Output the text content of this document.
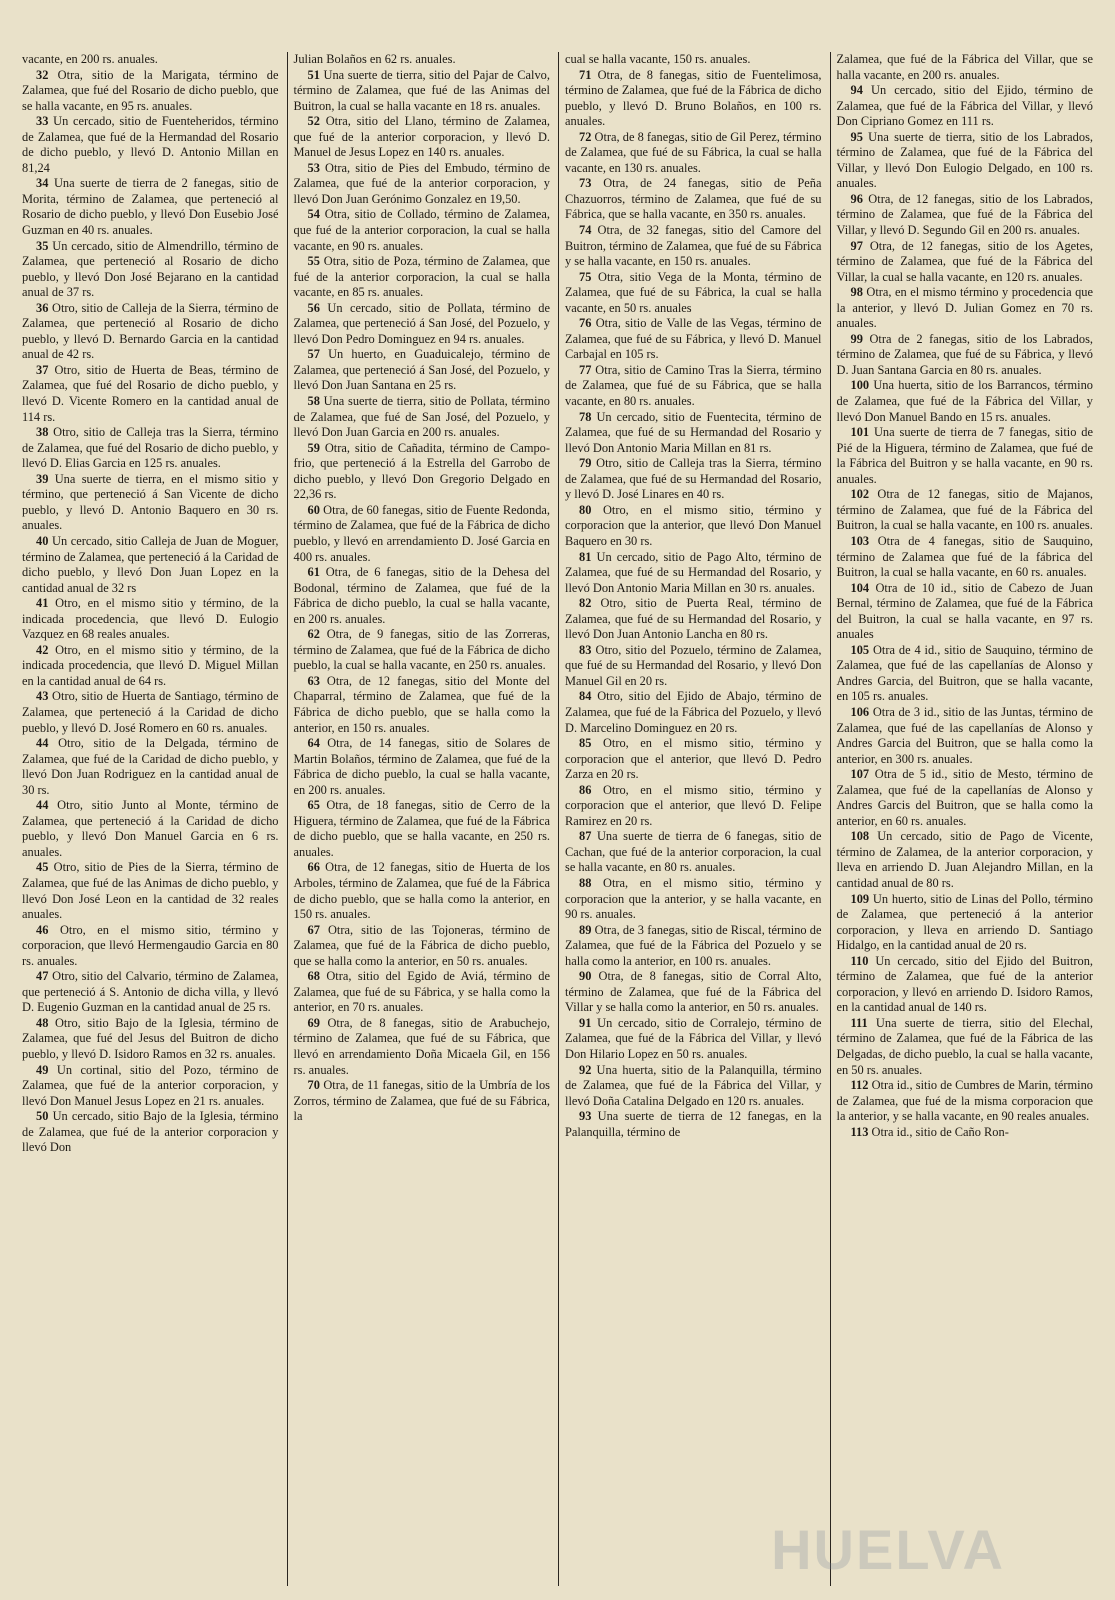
vacante, en 200 rs. anuales.

32 Otra, sitio de la Marigata, término de Zalamea, que fué del Rosario de dicho pueblo, que se halla vacante, en 95 rs. anuales.

33 Un cercado, sitio de Fuenteheridos, término de Zalamea, que fué de la Hermandad del Rosario de dicho pueblo, y llevó D. Antonio Millan en 81,24

34 Una suerte de tierra de 2 fanegas, sitio de Morita, término de Zalamea, que perteneció al Rosario de dicho pueblo, y llevó Don Eusebio José Guzman en 40 rs. anuales.

35 Un cercado, sitio de Almendrillo, término de Zalamea, que perteneció al Rosario de dicho pueblo, y llevó Don José Bejarano en la cantidad anual de 37 rs.

36 Otro, sitio de Calleja de la Sierra, término de Zalamea, que perteneció al Rosario de dicho pueblo, y llevó D. Bernardo Garcia en la cantidad anual de 42 rs.

37 Otro, sitio de Huerta de Beas, término de Zalamea, que fué del Rosario de dicho pueblo, y llevó D. Vicente Romero en la cantidad anual de 114 rs.

38 Otro, sitio de Calleja tras la Sierra, término de Zalamea, que fué del Rosario de dicho pueblo, y llevó D. Elias Garcia en 125 rs. anuales.

39 Una suerte de tierra, en el mismo sitio y término, que perteneció á San Vicente de dicho pueblo, y llevó D. Antonio Baquero en 30 rs. anuales.

40 Un cercado, sitio Calleja de Juan de Moguer, término de Zalamea, que perteneció á la Caridad de dicho pueblo, y llevó Don Juan Lopez en la cantidad anual de 32 rs

41 Otro, en el mismo sitio y término, de la indicada procedencia, que llevó D. Eulogio Vazquez en 68 reales anuales.

42 Otro, en el mismo sitio y término, de la indicada procedencia, que llevó D. Miguel Millan en la cantidad anual de 64 rs.

43 Otro, sitio de Huerta de Santiago, término de Zalamea, que perteneció á la Caridad de dicho pueblo, y llevó D. José Romero en 60 rs. anuales.

44 Otro, sitio de la Delgada, término de Zalamea, que fué de la Caridad de dicho pueblo, y llevó Don Juan Rodriguez en la cantidad anual de 30 rs.

44 Otro, sitio Junto al Monte, término de Zalamea, que perteneció á la Caridad de dicho pueblo, y llevó Don Manuel Garcia en 6 rs. anuales.

45 Otro, sitio de Pies de la Sierra, término de Zalamea, que fué de las Animas de dicho pueblo, y llevó Don José Leon en la cantidad de 32 reales anuales.

46 Otro, en el mismo sitio, término y corporacion, que llevó Hermengaudio Garcia en 80 rs. anuales.

47 Otro, sitio del Calvario, término de Zalamea, que perteneció á S. Antonio de dicha villa, y llevó D. Eugenio Guzman en la cantidad anual de 25 rs.

48 Otro, sitio Bajo de la Iglesia, término de Zalamea, que fué del Jesus del Buitron de dicho pueblo, y llevó D. Isidoro Ramos en 32 rs. anuales.

49 Un cortinal, sitio del Pozo, término de Zalamea, que fué de la anterior corporacion, y llevó Don Manuel Jesus Lopez en 21 rs. anuales.

50 Un cercado, sitio Bajo de la Iglesia, término de Zalamea, que fué de la anterior corporacion y llevó Don

Julian Bolaños en 62 rs. anuales.

51 Una suerte de tierra, sitio del Pajar de Calvo, término de Zalamea, que fué de las Animas del Buitron, la cual se halla vacante en 18 rs. anuales.

52 Otra, sitio del Llano, término de Zalamea, que fué de la anterior corporacion, y llevó D. Manuel de Jesus Lopez en 140 rs. anuales.

53 Otra, sitio de Pies del Embudo, término de Zalamea, que fué de la anterior corporacion, y llevó Don Juan Gerónimo Gonzalez en 19,50.

54 Otra, sitio de Collado, término de Zalamea, que fué de la anterior corporacion, la cual se halla vacante, en 90 rs. anuales.

55 Otra, sitio de Poza, término de Zalamea, que fué de la anterior corporacion, la cual se halla vacante, en 85 rs. anuales.

56 Un cercado, sitio de Pollata, término de Zalamea, que perteneció á San José, del Pozuelo, y llevó Don Pedro Dominguez en 94 rs. anuales.

57 Un huerto, en Guaduicalejo, término de Zalamea, que perteneció á San José, del Pozuelo, y llevó Don Juan Santana en 25 rs.

58 Una suerte de tierra, sitio de Pollata, término de Zalamea, que fué de San José, del Pozuelo, y llevó Don Juan Garcia en 200 rs. anuales.

59 Otra, sitio de Cañadita, término de Campo-frio, que perteneció á la Estrella del Garrobo de dicho pueblo, y llevó Don Gregorio Delgado en 22,36 rs.

60 Otra, de 60 fanegas, sitio de Fuente Redonda, término de Zalamea, que fué de la Fábrica de dicho pueblo, y llevó en arrendamiento D. José Garcia en 400 rs. anuales.

61 Otra, de 6 fanegas, sitio de la Dehesa del Bodonal, término de Zalamea, que fué de la Fábrica de dicho pueblo, la cual se halla vacante, en 200 rs. anuales.

62 Otra, de 9 fanegas, sitio de las Zorreras, término de Zalamea, que fué de la Fábrica de dicho pueblo, la cual se halla vacante, en 250 rs. anuales.

63 Otra, de 12 fanegas, sitio del Monte del Chaparral, término de Zalamea, que fué de la Fábrica de dicho pueblo, que se halla como la anterior, en 150 rs. anuales.

64 Otra, de 14 fanegas, sitio de Solares de Martin Bolaños, término de Zalamea, que fué de la Fábrica de dicho pueblo, la cual se halla vacante, en 200 rs. anuales.

65 Otra, de 18 fanegas, sitio de Cerro de la Higuera, término de Zalamea, que fué de la Fábrica de dicho pueblo, que se halla vacante, en 250 rs. anuales.

66 Otra, de 12 fanegas, sitio de Huerta de los Arboles, término de Zalamea, que fué de la Fábrica de dicho pueblo, que se halla como la anterior, en 150 rs. anuales.

67 Otra, sitio de las Tojoneras, término de Zalamea, que fué de la Fábrica de dicho pueblo, que se halla como la anterior, en 50 rs. anuales.

68 Otra, sitio del Egido de Aviá, término de Zalamea, que fué de su Fábrica, y se halla como la anterior, en 70 rs. anuales.

69 Otra, de 8 fanegas, sitio de Arabuchejo, término de Zalamea, que fué de su Fábrica, que llevó en arrendamiento Doña Micaela Gil, en 156 rs. anuales.

70 Otra, de 11 fanegas, sitio de la Umbría de los Zorros, término de Zalamea, que fué de su Fábrica, la

cual se halla vacante, 150 rs. anuales.

71 Otra, de 8 fanegas, sitio de Fuentelimosa, término de Zalamea, que fué de la Fábrica de dicho pueblo, y llevó D. Bruno Bolaños, en 100 rs. anuales.

72 Otra, de 8 fanegas, sitio de Gil Perez, término de Zalamea, que fué de su Fábrica, la cual se halla vacante, en 130 rs. anuales.

73 Otra, de 24 fanegas, sitio de Peña Chazuorros, término de Zalamea, que fué de su Fábrica, que se halla vacante, en 350 rs. anuales.

74 Otra, de 32 fanegas, sitio del Camore del Buitron, término de Zalamea, que fué de su Fábrica y se halla vacante, en 150 rs. anuales.

75 Otra, sitio Vega de la Monta, término de Zalamea, que fué de su Fábrica, la cual se halla vacante, en 50 rs. anuales

76 Otra, sitio de Valle de las Vegas, término de Zalamea, que fué de su Fábrica, y llevó D. Manuel Carbajal en 105 rs.

77 Otra, sitio de Camino Tras la Sierra, término de Zalamea, que fué de su Fábrica, que se halla vacante, en 80 rs. anuales.

78 Un cercado, sitio de Fuentecita, término de Zalamea, que fué de su Hermandad del Rosario y llevó Don Antonio Maria Millan en 81 rs.

79 Otro, sitio de Calleja tras la Sierra, término de Zalamea, que fué de su Hermandad del Rosario, y llevó D. José Linares en 40 rs.

80 Otro, en el mismo sitio, término y corporacion que la anterior, que llevó Don Manuel Baquero en 30 rs.

81 Un cercado, sitio de Pago Alto, término de Zalamea, que fué de su Hermandad del Rosario, y llevó Don Antonio Maria Millan en 30 rs. anuales.

82 Otro, sitio de Puerta Real, término de Zalamea, que fué de su Hermandad del Rosario, y llevó Don Juan Antonio Lancha en 80 rs.

83 Otro, sitio del Pozuelo, término de Zalamea, que fué de su Hermandad del Rosario, y llevó Don Manuel Gil en 20 rs.

84 Otro, sitio del Ejido de Abajo, término de Zalamea, que fué de la Fábrica del Pozuelo, y llevó D. Marcelino Dominguez en 20 rs.

85 Otro, en el mismo sitio, término y corporacion que el anterior, que llevó D. Pedro Zarza en 20 rs.

86 Otro, en el mismo sitio, término y corporacion que el anterior, que llevó D. Felipe Ramirez en 20 rs.

87 Una suerte de tierra de 6 fanegas, sitio de Cachan, que fué de la anterior corporacion, la cual se halla vacante, en 80 rs. anuales.

88 Otra, en el mismo sitio, término y corporacion que la anterior, y se halla vacante, en 90 rs. anuales.

89 Otra, de 3 fanegas, sitio de Riscal, término de Zalamea, que fué de la Fábrica del Pozuelo y se halla como la anterior, en 100 rs. anuales.

90 Otra, de 8 fanegas, sitio de Corral Alto, término de Zalamea, que fué de la Fábrica del Villar y se halla como la anterior, en 50 rs. anuales.

91 Un cercado, sitio de Corralejo, término de Zalamea, que fué de la Fábrica del Villar, y llevó Don Hilario Lopez en 50 rs. anuales.

92 Una huerta, sitio de la Palanquilla, término de Zalamea, que fué de la Fábrica del Villar, y llevó Doña Catalina Delgado en 120 rs. anuales.

93 Una suerte de tierra de 12 fanegas, en la Palanquilla, término de

Zalamea, que fué de la Fábrica del Villar, que se halla vacante, en 200 rs. anuales.

94 Un cercado, sitio del Ejido, término de Zalamea, que fué de la Fábrica del Villar, y llevó Don Cipriano Gomez en 111 rs.

95 Una suerte de tierra, sitio de los Labrados, término de Zalamea, que fué de la Fábrica del Villar, y llevó Don Eulogio Delgado, en 100 rs. anuales.

96 Otra, de 12 fanegas, sitio de los Labrados, término de Zalamea, que fué de la Fábrica del Villar, y llevó D. Segundo Gil en 200 rs. anuales.

97 Otra, de 12 fanegas, sitio de los Agetes, término de Zalamea, que fué de la Fábrica del Villar, la cual se halla vacante, en 120 rs. anuales.

98 Otra, en el mismo término y procedencia que la anterior, y llevó D. Julian Gomez en 70 rs. anuales.

99 Otra de 2 fanegas, sitio de los Labrados, término de Zalamea, que fué de su Fábrica, y llevó D. Juan Santana Garcia en 80 rs. anuales.

100 Una huerta, sitio de los Barrancos, término de Zalamea, que fué de la Fábrica del Villar, y llevó Don Manuel Bando en 15 rs. anuales.

101 Una suerte de tierra de 7 fanegas, sitio de Pié de la Higuera, término de Zalamea, que fué de la Fábrica del Buitron y se halla vacante, en 90 rs. anuales.

102 Otra de 12 fanegas, sitio de Majanos, término de Zalamea, que fué de la Fábrica del Buitron, la cual se halla vacante, en 100 rs. anuales.

103 Otra de 4 fanegas, sitio de Sauquino, término de Zalamea que fué de la fábrica del Buitron, la cual se halla vacante, en 60 rs. anuales.

104 Otra de 10 id., sitio de Cabezo de Juan Bernal, término de Zalamea, que fué de la Fábrica del Buitron, la cual se halla vacante, en 97 rs. anuales

105 Otra de 4 id., sitio de Sauquino, término de Zalamea, que fué de las capellanías de Alonso y Andres Garcia, del Buitron, que se halla vacante, en 105 rs. anuales.

106 Otra de 3 id., sitio de las Juntas, término de Zalamea, que fué de las capellanías de Alonso y Andres Garcia del Buitron, que se halla como la anterior, en 300 rs. anuales.

107 Otra de 5 id., sitio de Mesto, término de Zalamea, que fué de la capellanías de Alonso y Andres Garcis del Buitron, que se halla como la anterior, en 60 rs. anuales.

108 Un cercado, sitio de Pago de Vicente, término de Zalamea, de la anterior corporacion, y lleva en arriendo D. Juan Alejandro Millan, en la cantidad anual de 80 rs.

109 Un huerto, sitio de Linas del Pollo, término de Zalamea, que perteneció á la anterior corporacion, y lleva en arriendo D. Santiago Hidalgo, en la cantidad anual de 20 rs.

110 Un cercado, sitio del Ejido del Buitron, término de Zalamea, que fué de la anterior corporacion, y llevó en arriendo D. Isidoro Ramos, en la cantidad anual de 140 rs.

111 Una suerte de tierra, sitio del Elechal, término de Zalamea, que fué de la Fábrica de las Delgadas, de dicho pueblo, la cual se halla vacante, en 50 rs. anuales.

112 Otra id., sitio de Cumbres de Marin, término de Zalamea, que fué de la misma corporacion que la anterior, y se halla vacante, en 90 reales anuales.

113 Otra id., sitio de Caño Ron-

HUELVA
